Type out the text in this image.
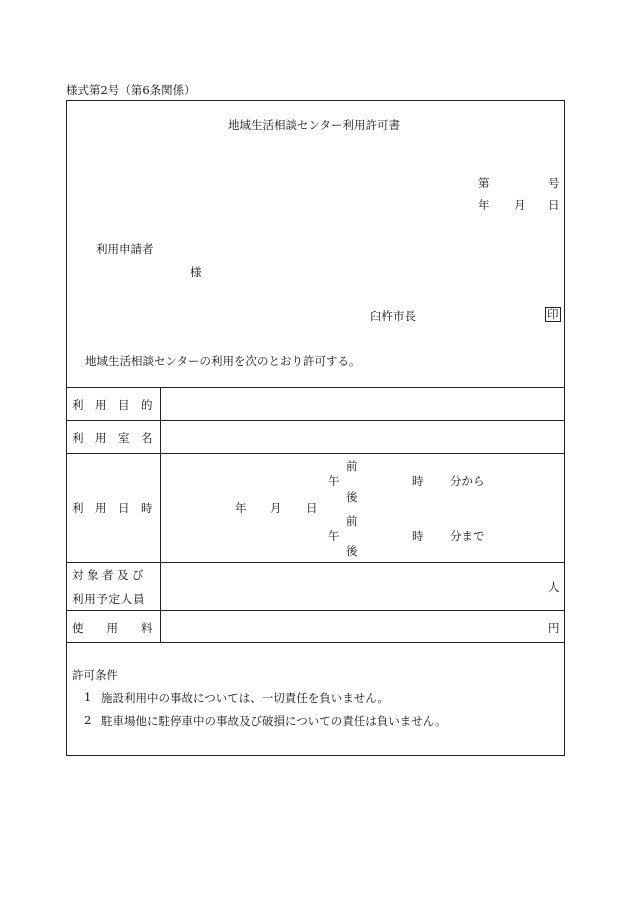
様式第2号（第6条関係）
地域生活相談センター利用許可書
第	号
年 月 日
利用申請者
様
臼杵市長	印
地域生活相談センターの利用を次のとおり許可する。
利　用　目　的
利　用　室　名
利　用　日　時
対象者及び
利用予定人員
使　　用　　料
年 月 日
前
午
後
時 分から
前
午
後
時 分まで
人
円
許可条件
1 施設利用中の事故については、一切責任を負いません。
2 駐車場他に駐停車中の事故及び破損についての責任は負いません。
